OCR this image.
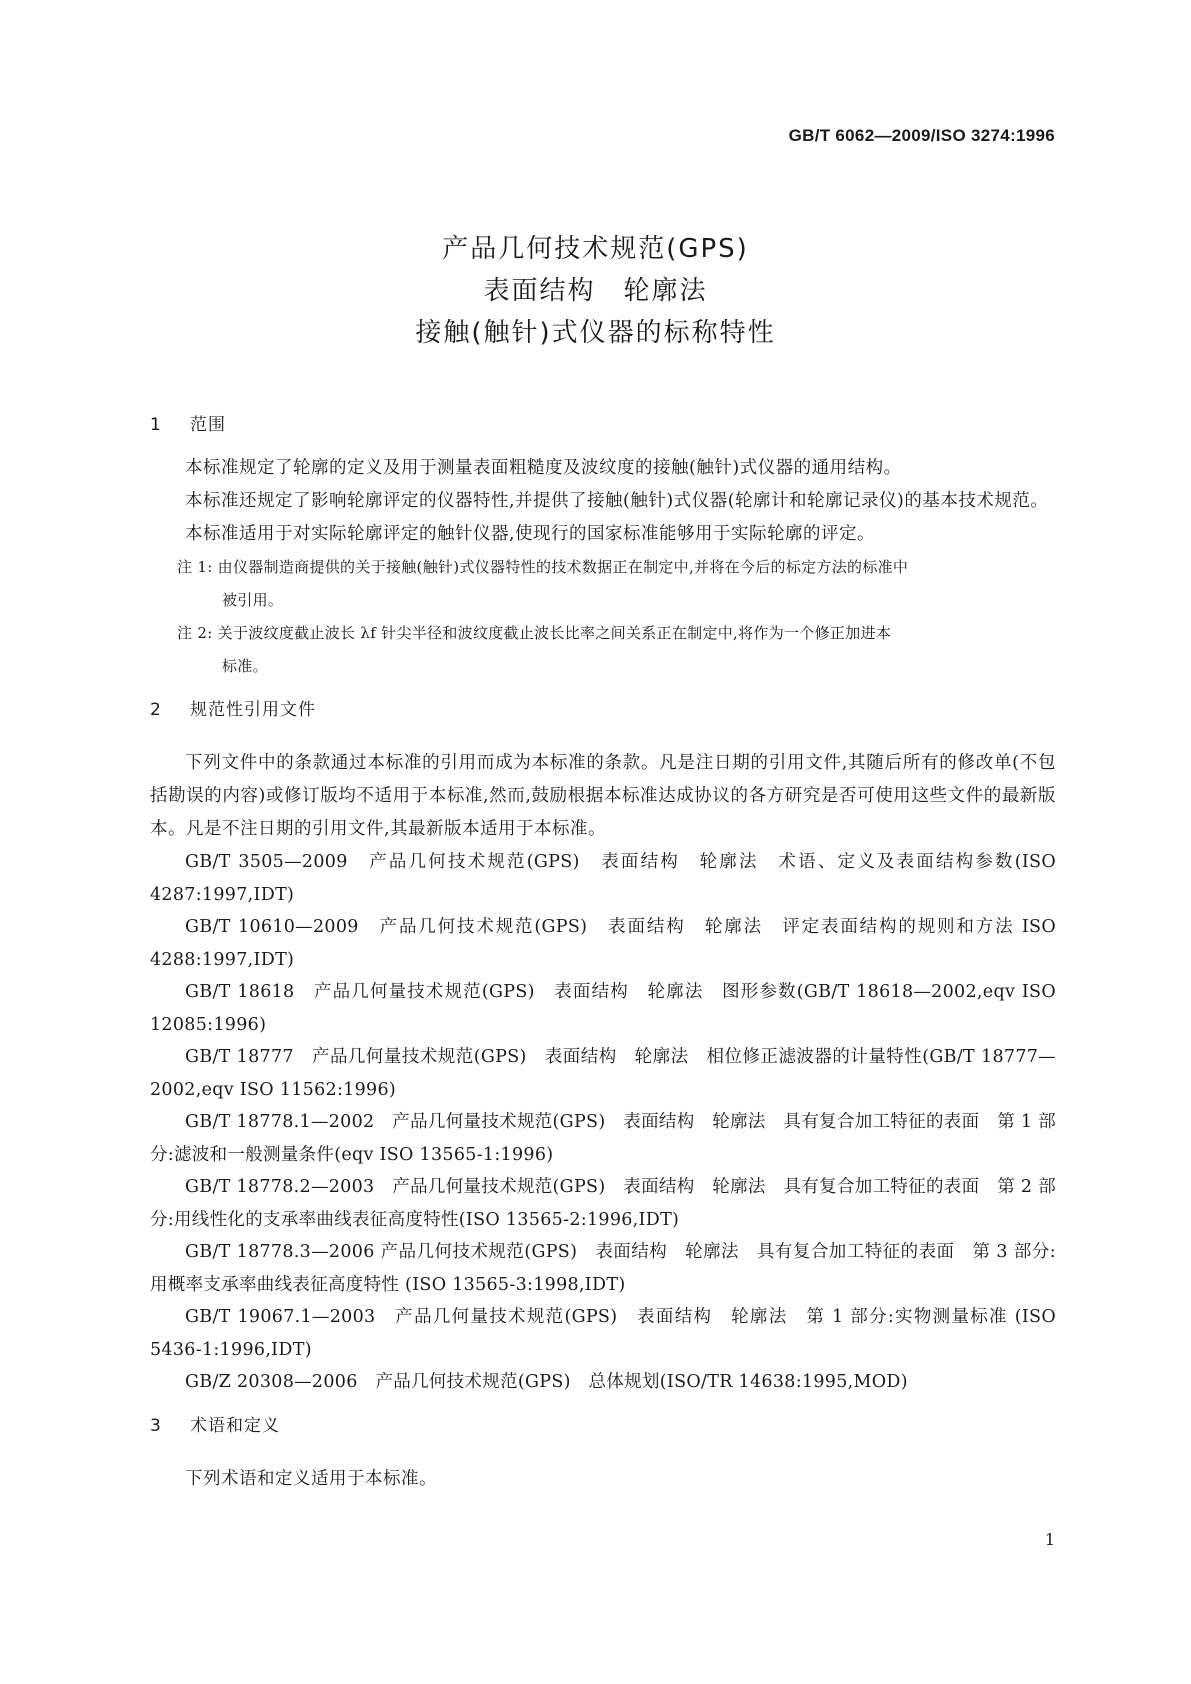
GB/T 6062—2009/ISO 3274:1996
产品几何技术规范(GPS)
表面结构　轮廓法
接触(触针)式仪器的标称特性
1 范围
本标准规定了轮廓的定义及用于测量表面粗糙度及波纹度的接触(触针)式仪器的通用结构。
本标准还规定了影响轮廓评定的仪器特性,并提供了接触(触针)式仪器(轮廓计和轮廓记录仪)的基本技术规范。
本标准适用于对实际轮廓评定的触针仪器,使现行的国家标准能够用于实际轮廓的评定。
注 1: 由仪器制造商提供的关于接触(触针)式仪器特性的技术数据正在制定中,并将在今后的标定方法的标准中
被引用。
注 2: 关于波纹度截止波长 λf 针尖半径和波纹度截止波长比率之间关系正在制定中,将作为一个修正加进本
标准。
2 规范性引用文件
下列文件中的条款通过本标准的引用而成为本标准的条款。凡是注日期的引用文件,其随后所有的修改单(不包括勘误的内容)或修订版均不适用于本标准,然而,鼓励根据本标准达成协议的各方研究是否可使用这些文件的最新版本。凡是不注日期的引用文件,其最新版本适用于本标准。
GB/T 3505—2009　产品几何技术规范(GPS)　表面结构　轮廓法　术语、定义及表面结构参数(ISO 4287:1997,IDT)
GB/T 10610—2009　产品几何技术规范(GPS)　表面结构　轮廓法　评定表面结构的规则和方法 ISO 4288:1997,IDT)
GB/T 18618　产品几何量技术规范(GPS)　表面结构　轮廓法　图形参数(GB/T 18618—2002,eqv ISO 12085:1996)
GB/T 18777　产品几何量技术规范(GPS)　表面结构　轮廓法　相位修正滤波器的计量特性(GB/T 18777—2002,eqv ISO 11562:1996)
GB/T 18778.1—2002　产品几何量技术规范(GPS)　表面结构　轮廓法　具有复合加工特征的表面　第 1 部分:滤波和一般测量条件(eqv ISO 13565-1:1996)
GB/T 18778.2—2003　产品几何量技术规范(GPS)　表面结构　轮廓法　具有复合加工特征的表面　第 2 部分:用线性化的支承率曲线表征高度特性(ISO 13565-2:1996,IDT)
GB/T 18778.3—2006 产品几何技术规范(GPS)　表面结构　轮廓法　具有复合加工特征的表面　第 3 部分:用概率支承率曲线表征高度特性 (ISO 13565-3:1998,IDT)
GB/T 19067.1—2003　产品几何量技术规范(GPS)　表面结构　轮廓法　第 1 部分:实物测量标准 (ISO 5436-1:1996,IDT)
GB/Z 20308—2006　产品几何技术规范(GPS)　总体规划(ISO/TR 14638:1995,MOD)
3 术语和定义
下列术语和定义适用于本标准。
1
